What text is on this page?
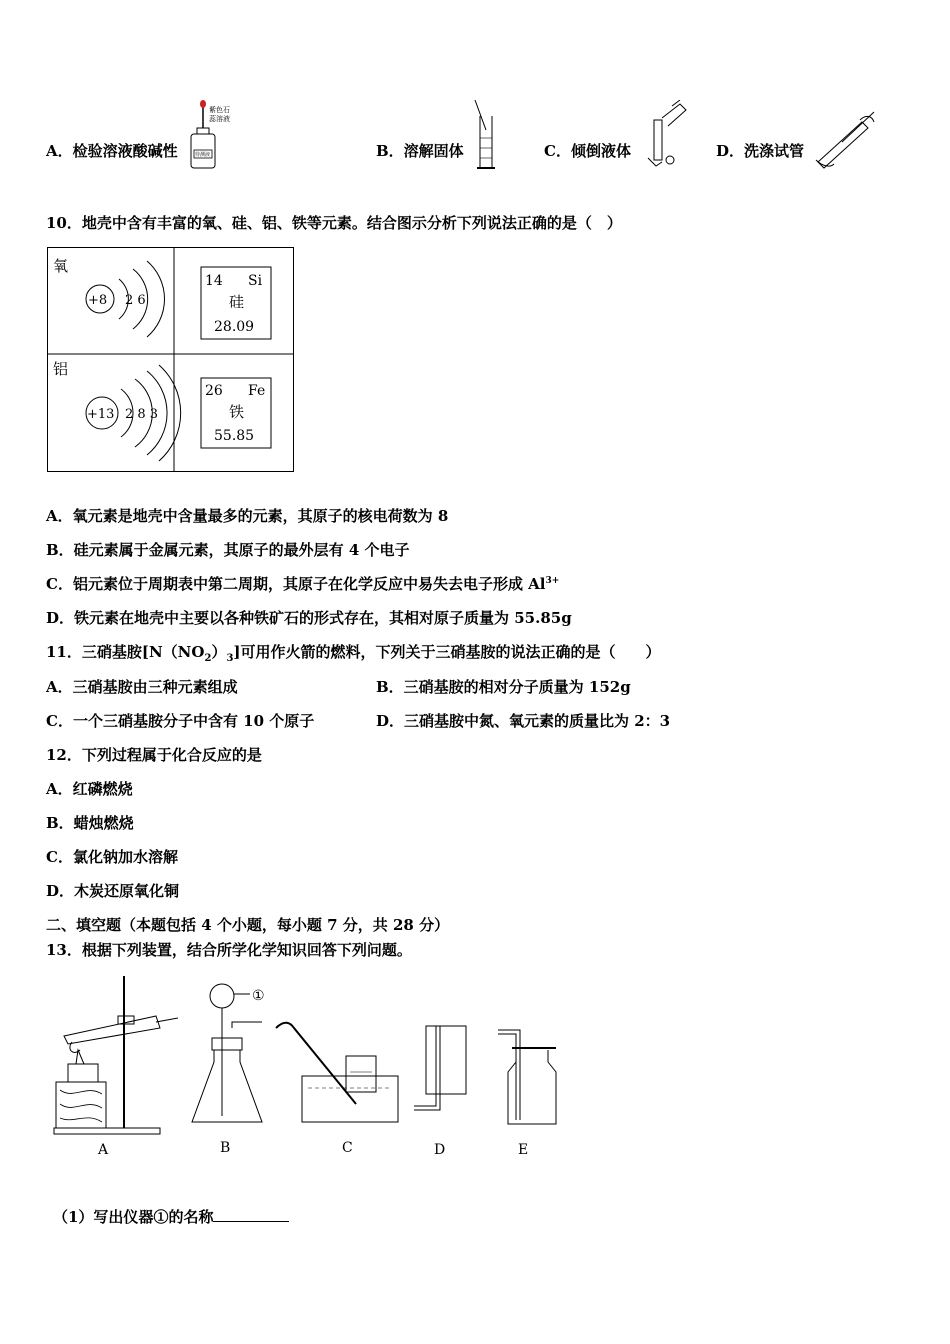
A．检验溶液酸碱性
紫色石
蕊溶液
待测液	B．溶解固体	C．倾倒液体	D．洗涤试管
10．地壳中含有丰富的氧、硅、铝、铁等元素。结合图示分析下列说法正确的是（　）
氧
+8 2 6
14 Si
硅
28.09
铝
+13 2 8 3
26 Fe
铁
55.85
A．氧元素是地壳中含量最多的元素，其原子的核电荷数为 8
B．硅元素属于金属元素，其原子的最外层有 4 个电子
C．铝元素位于周期表中第二周期，其原子在化学反应中易失去电子形成 $Al^{3+}$
D．铁元素在地壳中主要以各种铁矿石的形式存在，其相对原子质量为 55.85g
11．三硝基胺$[N(NO_2)_3]$可用作火箭的燃料，下列关于三硝基胺的说法正确的是（　　）
A．三硝基胺由三种元素组成	B．三硝基胺的相对分子质量为 152g
C．一个三硝基胺分子中含有 10 个原子	D．三硝基胺中氮、氧元素的质量比为 2：3
12．下列过程属于化合反应的是
A．红磷燃烧
B．蜡烛燃烧
C．氯化钠加水溶解
D．木炭还原氧化铜
二、填空题（本题包括 4 个小题，每小题 7 分，共 28 分）
13．根据下列装置，结合所学化学知识回答下列问题。
A
①
B	C	D	E
（1）写出仪器①的名称
